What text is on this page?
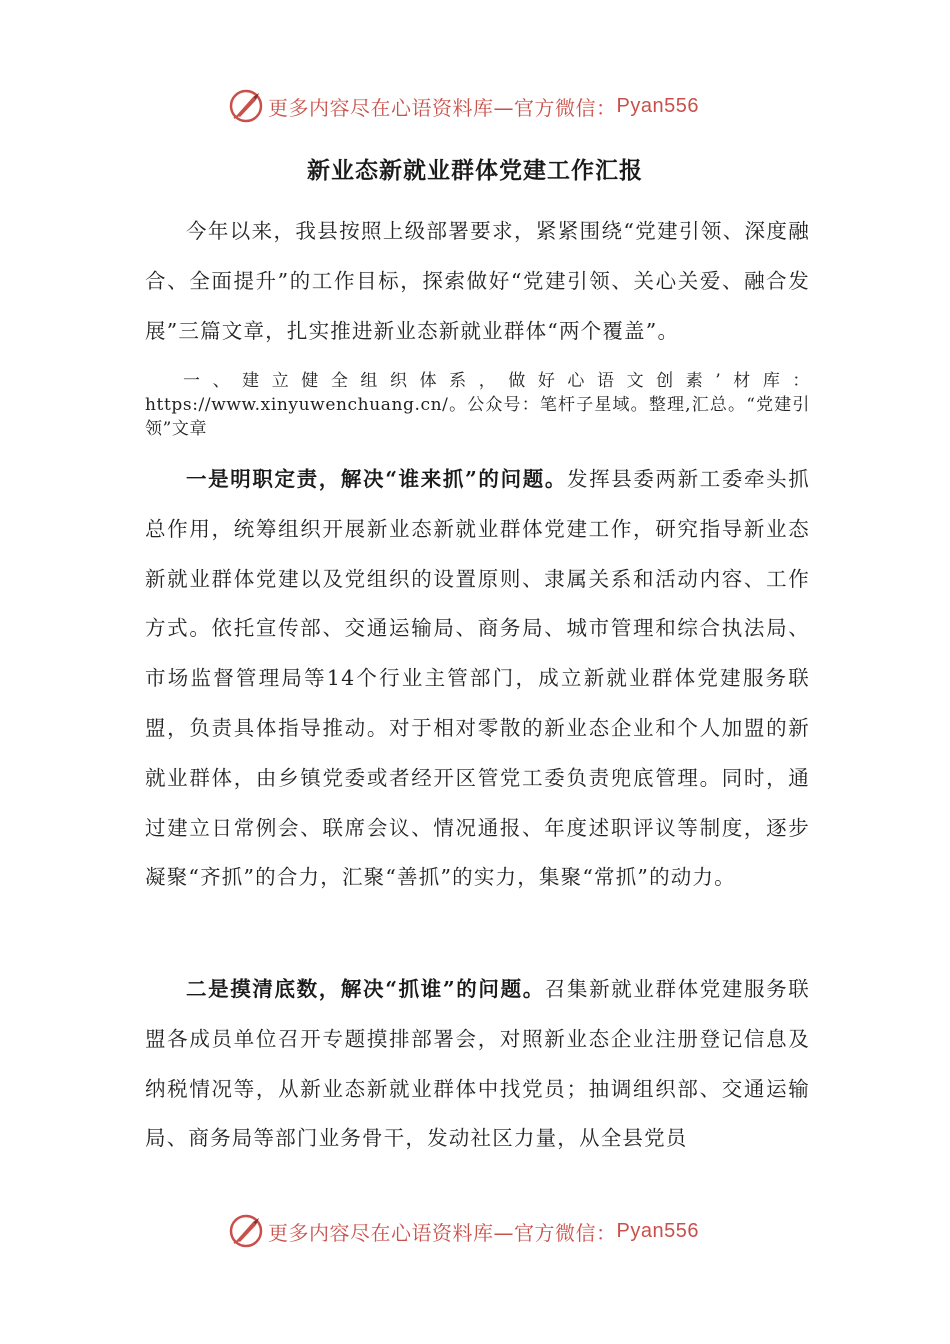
更多内容尽在心语资料库—官方微信： Pyan556
新业态新就业群体党建工作汇报

今年以来，我县按照上级部署要求，紧紧围绕“党建引领、深度融合、全面提升”的工作目标，探索做好“党建引领、关心关爱、融合发展”三篇文章，扎实推进新业态新就业群体“两个覆盖”。

一、建立健全组织体系，做好心语文创素’材库：https://www.xinyuwenchuang.cn/。公众号：笔杆子星域。整理,汇总。“党建引领”文章

一是明职定责，解决“谁来抓”的问题。发挥县委两新工委牵头抓总作用，统筹组织开展新业态新就业群体党建工作，研究指导新业态新就业群体党建以及党组织的设置原则、隶属关系和活动内容、工作方式。依托宣传部、交通运输局、商务局、城市管理和综合执法局、市场监督管理局等14个行业主管部门，成立新就业群体党建服务联盟，负责具体指导推动。对于相对零散的新业态企业和个人加盟的新就业群体，由乡镇党委或者经开区管党工委负责兜底管理。同时，通过建立日常例会、联席会议、情况通报、年度述职评议等制度，逐步凝聚“齐抓”的合力，汇聚“善抓”的实力，集聚“常抓”的动力。

二是摸清底数，解决“抓谁”的问题。召集新就业群体党建服务联盟各成员单位召开专题摸排部署会，对照新业态企业注册登记信息及纳税情况等，从新业态新就业群体中找党员；抽调组织部、交通运输局、商务局等部门业务骨干，发动社区力量，从全县党员

更多内容尽在心语资料库—官方微信： Pyan556
